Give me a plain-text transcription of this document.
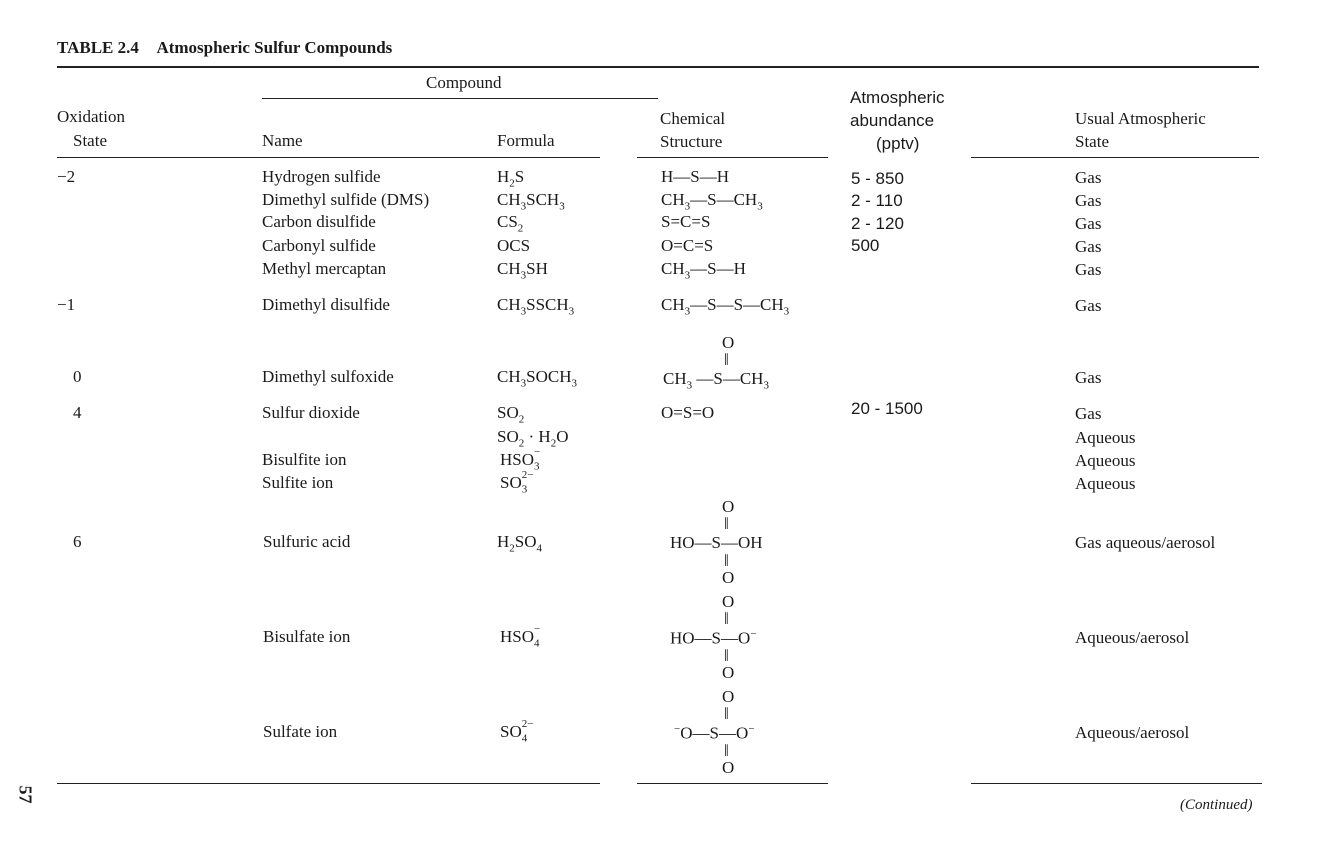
TABLE 2.4 Atmospheric Sulfur Compounds
Compound
Oxidation
State	Name	Formula
Chemical
Structure
Atmospheric
abundance
(pptv)
Usual Atmospheric
State
−2
−1
0
4
6
Hydrogen sulfide
Dimethyl sulfide (DMS)
Carbon disulfide
Carbonyl sulfide
Methyl mercaptan
Dimethyl disulfide
Dimethyl sulfoxide
Sulfur dioxide
Bisulfite ion
Sulfite ion
Sulfuric acid
Bisulfate ion
Sulfate ion
$H_2S$
$CH_3SCH_3$
$CS_2$
OCS
$CH_3SH$
$CH_3SSCH_3$
$CH_3SOCH_3$
$SO_2$
$SO_2 \cdot H_2O$
$HSO_3$
−
$SO_3$
2−
$H_2SO_4$
$HSO_4$
−
$SO_4$
2−
H—S—H
$CH_3—S—CH_3$
S=C=S
O=C=S
$CH_3—S—H$
$CH_3—S—S—CH_3$
O
‖
$CH_3$ $—S—CH_3$
O=S=O
O
‖
HO—S—OH
‖
O
O
‖
HO—S—O−
‖
O
O
‖
−O—S—O−
‖
O
5 - 850
2 - 110
2 - 120
500
20 - 1500
Gas
Gas
Gas
Gas
Gas
Gas
Gas
Gas
Aqueous
Aqueous
Aqueous
Gas aqueous/aerosol
Aqueous/aerosol
Aqueous/aerosol
(Continued)
57
